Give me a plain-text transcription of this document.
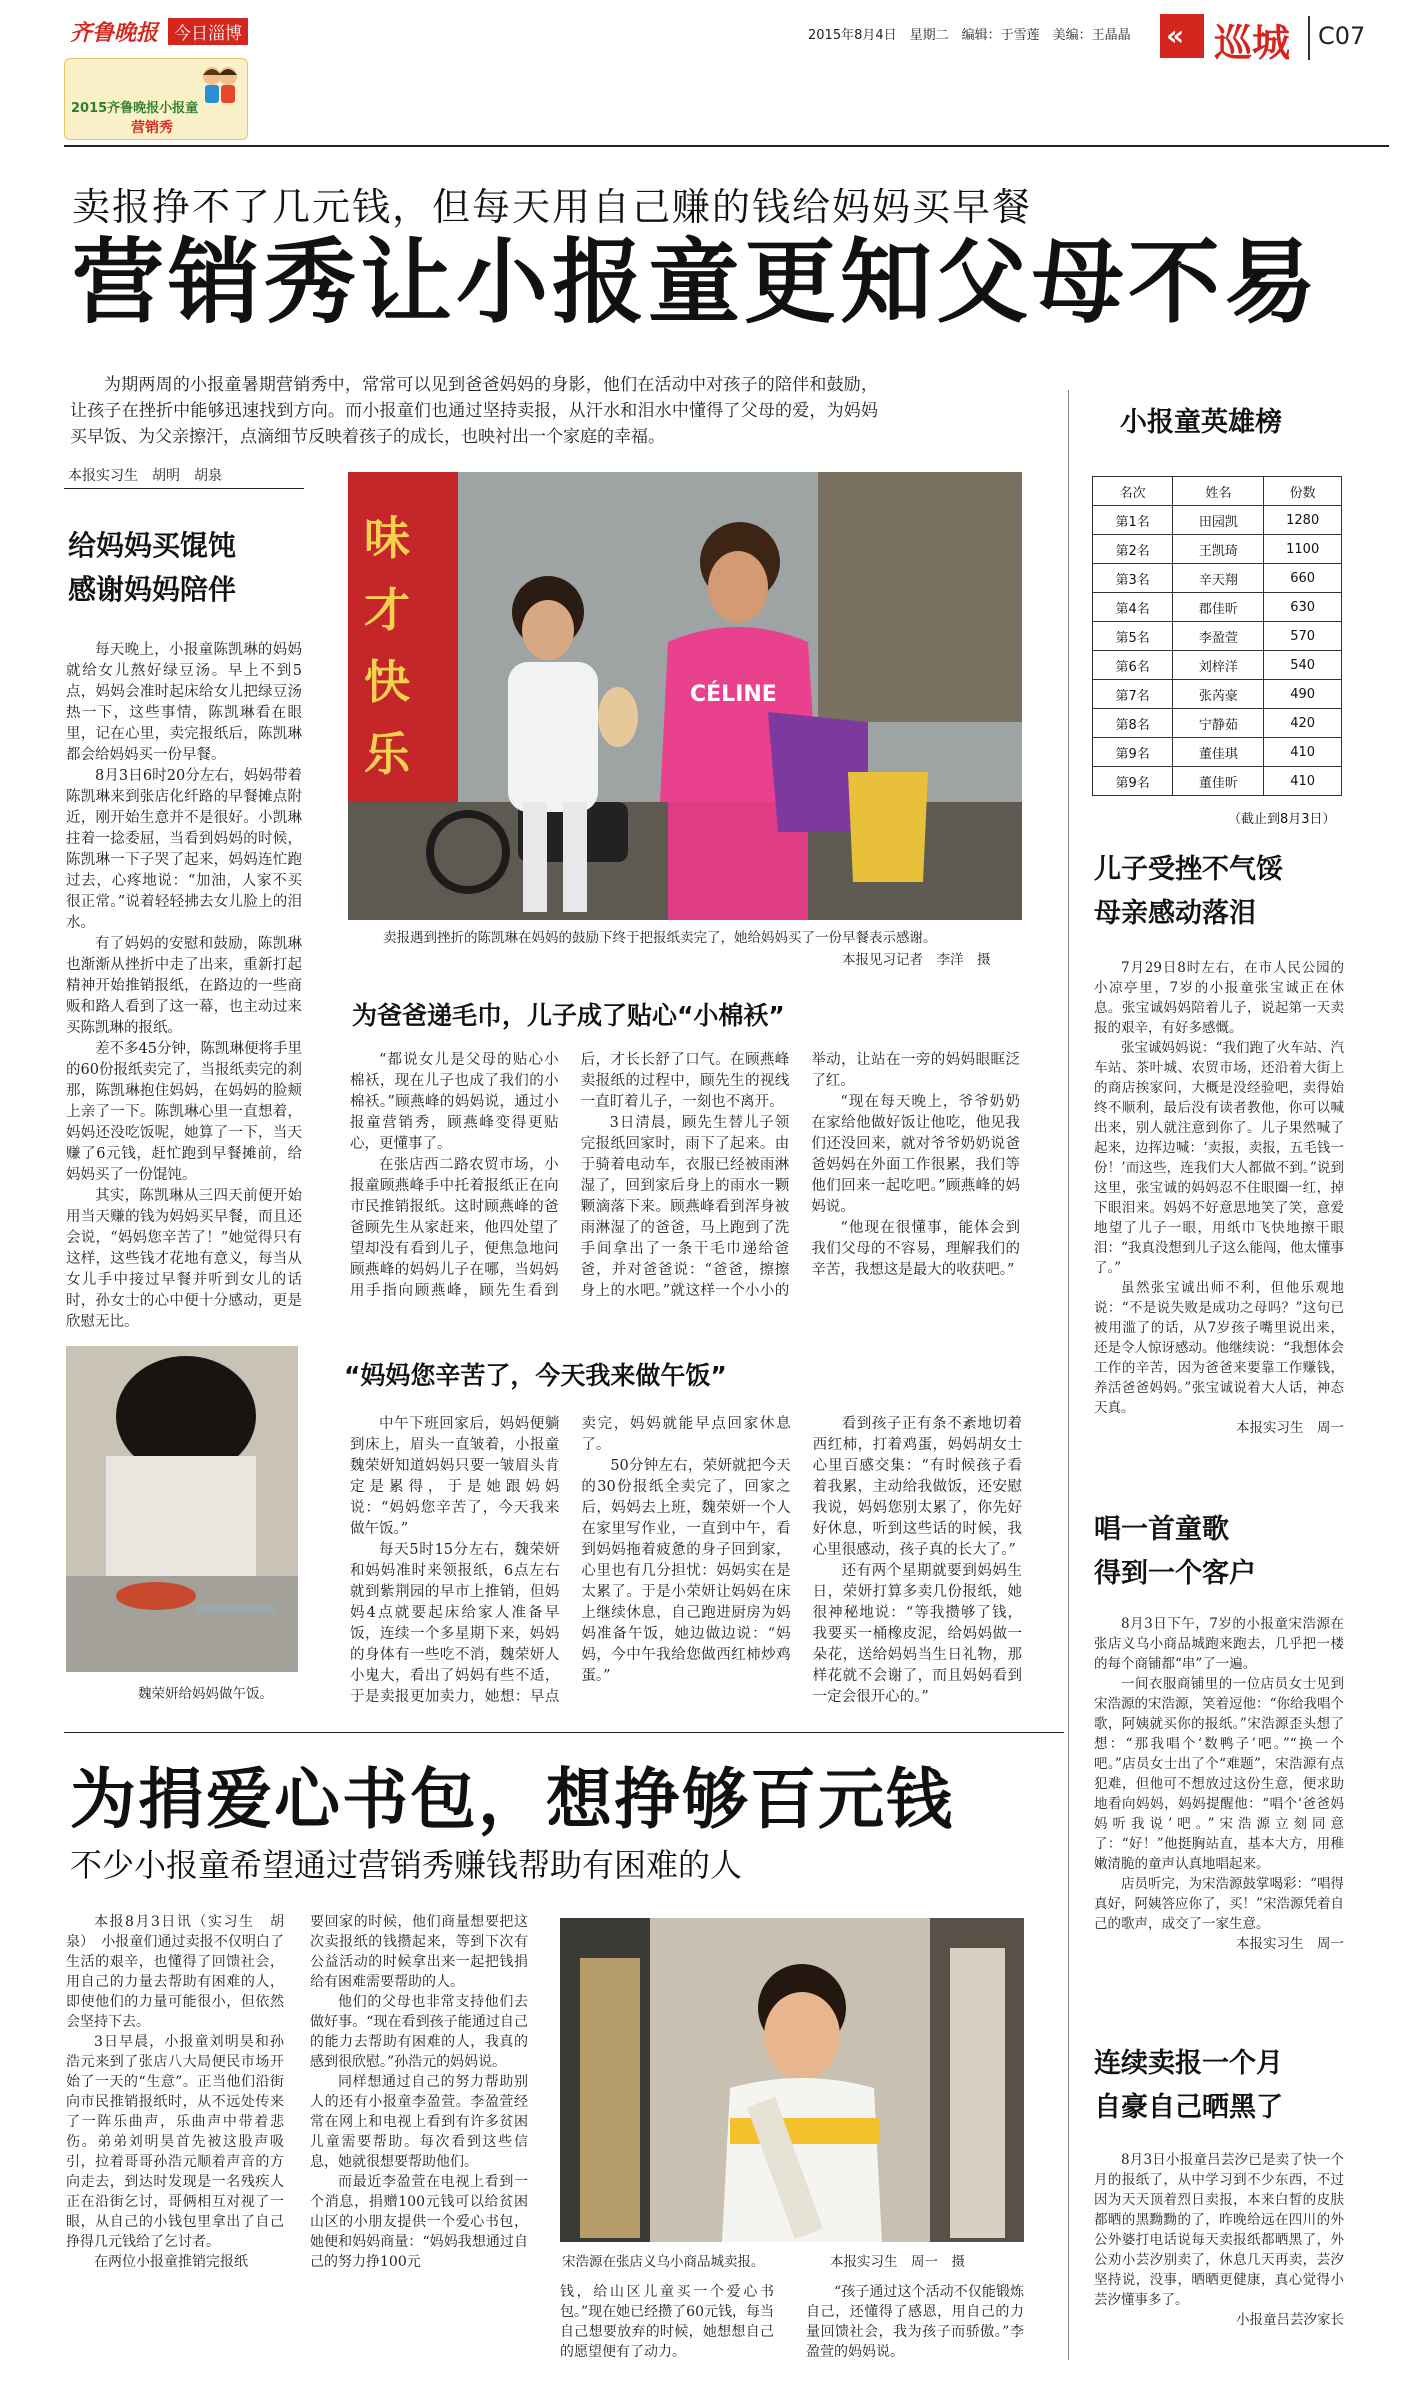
齐鲁晚报 今日淄博
2015齐鲁晚报小报童
营销秀
2015年8月4日　星期二　编辑：于雪莲　美编：王晶晶 « 巡城 C07
卖报挣不了几元钱，但每天用自己赚的钱给妈妈买早餐
营销秀让小报童更知父母不易
为期两周的小报童暑期营销秀中，常常可以见到爸爸妈妈的身影，他们在活动中对孩子的陪伴和鼓励，让孩子在挫折中能够迅速找到方向。而小报童们也通过坚持卖报，从汗水和泪水中懂得了父母的爱，为妈妈买早饭、为父亲擦汗，点滴细节反映着孩子的成长，也映衬出一个家庭的幸福。
本报实习生　胡明　胡泉
给妈妈买馄饨
感谢妈妈陪伴

每天晚上，小报童陈凯琳的妈妈就给女儿熬好绿豆汤。早上不到5点，妈妈会准时起床给女儿把绿豆汤热一下，这些事情，陈凯琳看在眼里，记在心里，卖完报纸后，陈凯琳都会给妈妈买一份早餐。

8月3日6时20分左右，妈妈带着陈凯琳来到张店化纤路的早餐摊点附近，刚开始生意并不是很好。小凯琳拄着一捻委屈，当看到妈妈的时候，陈凯琳一下子哭了起来，妈妈连忙跑过去，心疼地说：“加油，人家不买很正常。”说着轻轻拂去女儿脸上的泪水。

有了妈妈的安慰和鼓励，陈凯琳也渐渐从挫折中走了出来，重新打起精神开始推销报纸，在路边的一些商贩和路人看到了这一幕，也主动过来买陈凯琳的报纸。

差不多45分钟，陈凯琳便将手里的60份报纸卖完了，当报纸卖完的刹那，陈凯琳抱住妈妈，在妈妈的脸颊上亲了一下。陈凯琳心里一直想着，妈妈还没吃饭呢，她算了一下，当天赚了6元钱，赶忙跑到早餐摊前，给妈妈买了一份馄饨。

其实，陈凯琳从三四天前便开始用当天赚的钱为妈妈买早餐，而且还会说，“妈妈您辛苦了！”她觉得只有这样，这些钱才花地有意义，每当从女儿手中接过早餐并听到女儿的话时，孙女士的心中便十分感动，更是欣慰无比。

味才快乐
CÉLINE
卖报遇到挫折的陈凯琳在妈妈的鼓励下终于把报纸卖完了，她给妈妈买了一份早餐表示感谢。
本报见习记者　李洋　摄
为爸爸递毛巾，儿子成了贴心“小棉袄”

“都说女儿是父母的贴心小棉袄，现在儿子也成了我们的小棉袄。”顾燕峰的妈妈说，通过小报童营销秀，顾燕峰变得更贴心，更懂事了。

在张店西二路农贸市场，小报童顾燕峰手中托着报纸正在向市民推销报纸。这时顾燕峰的爸爸顾先生从家赶来，他四处望了望却没有看到儿子，便焦急地问顾燕峰的妈妈儿子在哪，当妈妈用手指向顾燕峰，顾先生看到后，才长长舒了口气。在顾燕峰卖报纸的过程中，顾先生的视线一直盯着儿子，一刻也不离开。

3日清晨，顾先生替儿子领完报纸回家时，雨下了起来。由于骑着电动车，衣服已经被雨淋湿了，回到家后身上的雨水一颗颗滴落下来。顾燕峰看到浑身被雨淋湿了的爸爸，马上跑到了洗手间拿出了一条干毛巾递给爸爸，并对爸爸说：“爸爸，擦擦身上的水吧。”就这样一个小小的举动，让站在一旁的妈妈眼眶泛了红。

“现在每天晚上，爷爷奶奶在家给他做好饭让他吃，他见我们还没回来，就对爷爷奶奶说爸爸妈妈在外面工作很累，我们等他们回来一起吃吧。”顾燕峰的妈妈说。

“他现在很懂事，能体会到我们父母的不容易，理解我们的辛苦，我想这是最大的收获吧。”

魏荣妍给妈妈做午饭。
“妈妈您辛苦了，今天我来做午饭”

中午下班回家后，妈妈便躺到床上，眉头一直皱着，小报童魏荣妍知道妈妈只要一皱眉头肯定是累得，于是她跟妈妈说：“妈妈您辛苦了，今天我来做午饭。”

每天5时15分左右，魏荣妍和妈妈准时来领报纸，6点左右就到紫荆园的早市上推销，但妈妈4点就要起床给家人准备早饭，连续一个多星期下来，妈妈的身体有一些吃不消，魏荣妍人小鬼大，看出了妈妈有些不适，于是卖报更加卖力，她想：早点卖完，妈妈就能早点回家休息了。

50分钟左右，荣妍就把今天的30份报纸全卖完了，回家之后，妈妈去上班，魏荣妍一个人在家里写作业，一直到中午，看到妈妈拖着疲惫的身子回到家，心里也有几分担忧：妈妈实在是太累了。于是小荣妍让妈妈在床上继续休息，自己跑进厨房为妈妈准备午饭，她边做边说：“妈妈，今中午我给您做西红柿炒鸡蛋。”

看到孩子正有条不紊地切着西红柿，打着鸡蛋，妈妈胡女士心里百感交集：“有时候孩子看着我累，主动给我做饭，还安慰我说，妈妈您别太累了，你先好好休息，听到这些话的时候，我心里很感动，孩子真的长大了。”

还有两个星期就要到妈妈生日，荣妍打算多卖几份报纸，她很神秘地说：“等我攒够了钱，我要买一桶橡皮泥，给妈妈做一朵花，送给妈妈当生日礼物，那样花就不会谢了，而且妈妈看到一定会很开心的。”

小报童英雄榜
名次	姓名	份数
第1名	田园凯	1280
第2名	王凯琦	1100
第3名	辛天翔	660
第4名	郡佳昕	630
第5名	李盈萱	570
第6名	刘梓洋	540
第7名	张芮豪	490
第8名	宁静茹	420
第9名	董佳琪	410
第9名	董佳昕	410
（截止到8月3日）
儿子受挫不气馁
母亲感动落泪

7月29日8时左右，在市人民公园的小凉亭里，7岁的小报童张宝诚正在休息。张宝诚妈妈陪着儿子，说起第一天卖报的艰辛，有好多感慨。

张宝诚妈妈说：“我们跑了火车站、汽车站、茶叶城、农贸市场，还沿着大街上的商店挨家问，大概是没经验吧，卖得始终不顺利，最后没有读者教他，你可以喊出来，别人就注意到你了。儿子果然喊了起来，边挥边喊：‘卖报，卖报，五毛钱一份！’而这些，连我们大人都做不到。”说到这里，张宝诚的妈妈忍不住眼圈一红，掉下眼泪来。妈妈不好意思地笑了笑，意爱地望了儿子一眼，用纸巾飞快地擦干眼泪：“我真没想到儿子这么能闯，他太懂事了。”

虽然张宝诚出师不利，但他乐观地说：“不是说失败是成功之母吗？”这句已被用滥了的话，从7岁孩子嘴里说出来，还是令人惊讶感动。他继续说：“我想体会工作的辛苦，因为爸爸来要靠工作赚钱，养活爸爸妈妈。”张宝诚说着大人话，神态天真。

本报实习生　周一
唱一首童歌
得到一个客户

8月3日下午，7岁的小报童宋浩源在张店义乌小商品城跑来跑去，几乎把一楼的每个商铺都“串”了一遍。

一间衣服商铺里的一位店员女士见到宋浩源的宋浩源，笑着逗他：“你给我唱个歌，阿姨就买你的报纸。”宋浩源歪头想了想：“那我唱个‘数鸭子’吧。”“换一个吧。”店员女士出了个“难题”，宋浩源有点犯难，但他可不想放过这份生意，便求助地看向妈妈，妈妈提醒他：“唱个‘爸爸妈妈听我说’吧。”宋浩源立刻同意了：“好！”他挺胸站直，基本大方，用稚嫩清脆的童声认真地唱起来。

店员听完，为宋浩源鼓掌喝彩：“唱得真好，阿姨答应你了，买！”宋浩源凭着自己的歌声，成交了一家生意。

本报实习生　周一
连续卖报一个月
自豪自己晒黑了

8月3日小报童吕芸汐已是卖了快一个月的报纸了，从中学习到不少东西，不过因为天天顶着烈日卖报，本来白皙的皮肤都晒的黑黝黝的了，昨晚给远在四川的外公外婆打电话说每天卖报纸都晒黑了，外公劝小芸汐别卖了，休息几天再卖，芸汐坚持说，没事，晒晒更健康，真心觉得小芸汐懂事多了。

小报童吕芸汐家长
为捐爱心书包，想挣够百元钱
不少小报童希望通过营销秀赚钱帮助有困难的人

本报8月3日讯（实习生　胡泉）　小报童们通过卖报不仅明白了生活的艰辛，也懂得了回馈社会，用自己的力量去帮助有困难的人，即使他们的力量可能很小，但依然会坚持下去。

3日早晨，小报童刘明昊和孙浩元来到了张店八大局便民市场开始了一天的“生意”。正当他们沿街向市民推销报纸时，从不远处传来了一阵乐曲声，乐曲声中带着悲伤。弟弟刘明昊首先被这股声吸引，拉着哥哥孙浩元顺着声音的方向走去，到达时发现是一名残疾人正在沿街乞讨，哥俩相互对视了一眼，从自己的小钱包里拿出了自己挣得几元钱给了乞讨者。

在两位小报童推销完报纸

要回家的时候，他们商量想要把这次卖报纸的钱攒起来，等到下次有公益活动的时候拿出来一起把钱捐给有困难需要帮助的人。

他们的父母也非常支持他们去做好事。“现在看到孩子能通过自己的能力去帮助有困难的人，我真的感到很欣慰。”孙浩元的妈妈说。

同样想通过自己的努力帮助别人的还有小报童李盈萱。李盈萱经常在网上和电视上看到有许多贫困儿童需要帮助。每次看到这些信息，她就很想要帮助他们。

而最近李盈萱在电视上看到一个消息，捐赠100元钱可以给贫困山区的小朋友提供一个爱心书包，她便和妈妈商量：“妈妈我想通过自己的努力挣100元	宋浩源在张店义乌小商品城卖报。	本报实习生　周一　摄
钱，给山区儿童买一个爱心书包。”现在她已经攒了60元钱，每当自己想要放弃的时候，她想想自己的愿望便有了动力。
“孩子通过这个活动不仅能锻炼自己，还懂得了感恩，用自己的力量回馈社会，我为孩子而骄傲。”李盈萱的妈妈说。
